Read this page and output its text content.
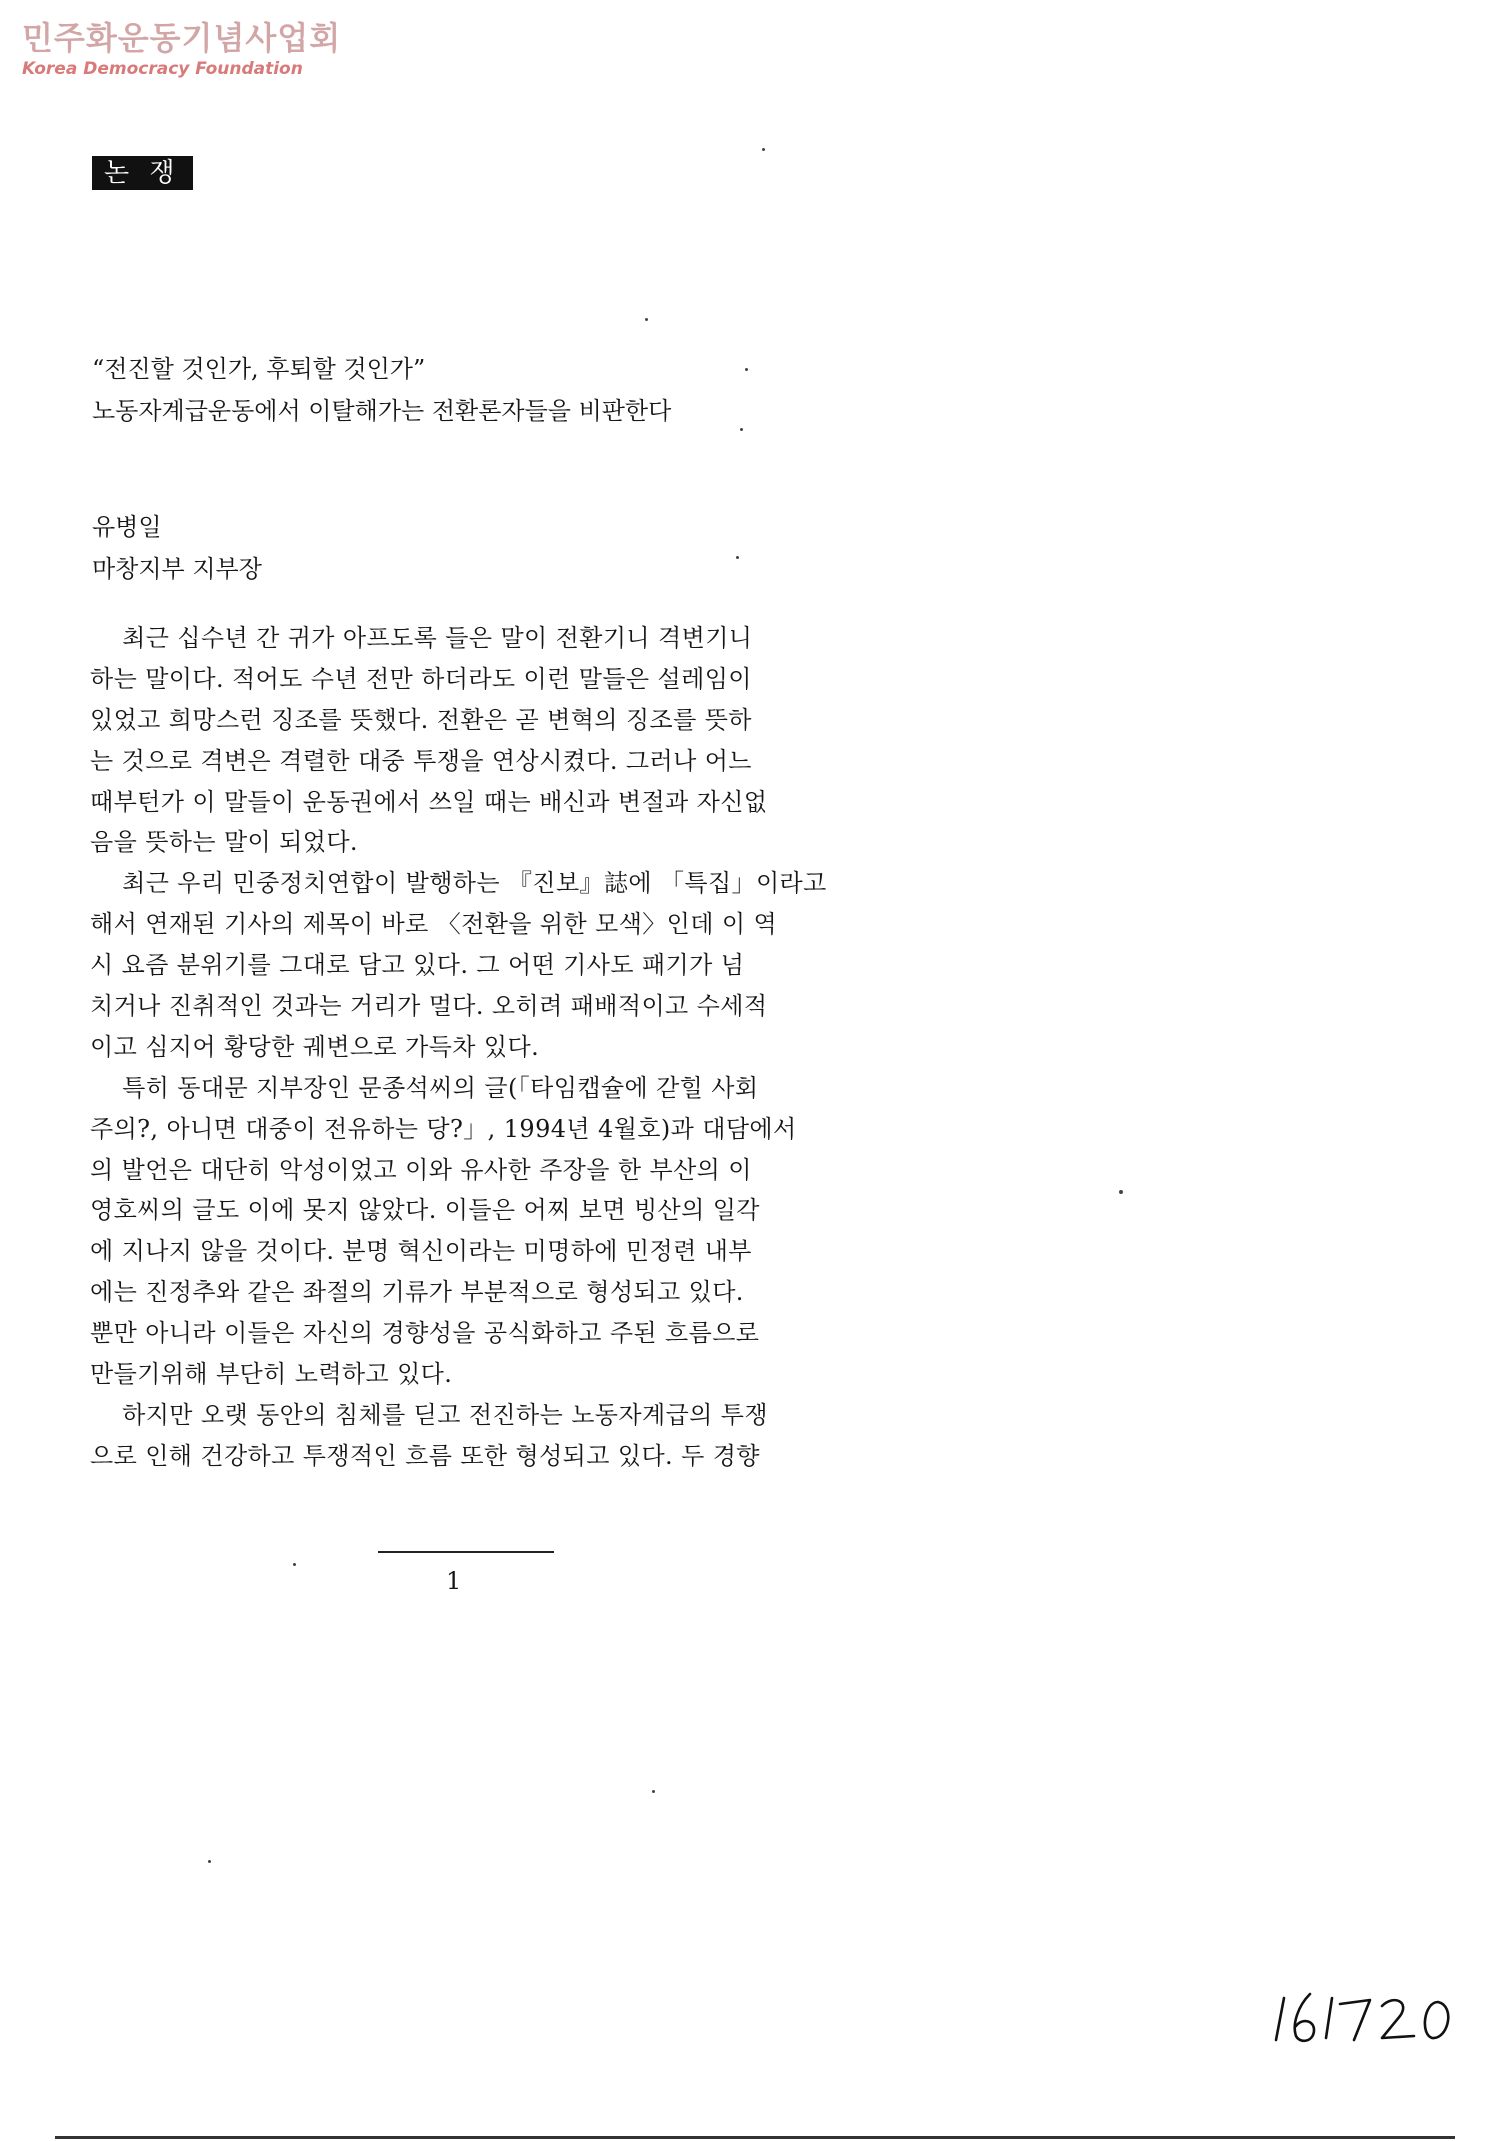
민주화운동기념사업회
Korea Democracy Foundation
논 쟁
“전진할 것인가, 후퇴할 것인가”
노동자계급운동에서 이탈해가는 전환론자들을 비판한다
유병일
마창지부 지부장
최근 십수년 간 귀가 아프도록 들은 말이 전환기니 격변기니
하는 말이다. 적어도 수년 전만 하더라도 이런 말들은 설레임이
있었고 희망스런 징조를 뜻했다. 전환은 곧 변혁의 징조를 뜻하
는 것으로 격변은 격렬한 대중 투쟁을 연상시켰다. 그러나 어느
때부턴가 이 말들이 운동권에서 쓰일 때는 배신과 변절과 자신없
음을 뜻하는 말이 되었다.
최근 우리 민중정치연합이 발행하는 『진보』誌에 「특집」이라고
해서 연재된 기사의 제목이 바로 〈전환을 위한 모색〉인데 이 역
시 요즘 분위기를 그대로 담고 있다. 그 어떤 기사도 패기가 넘
치거나 진취적인 것과는 거리가 멀다. 오히려 패배적이고 수세적
이고 심지어 황당한 궤변으로 가득차 있다.
특히 동대문 지부장인 문종석씨의 글(「타임캡슐에 갇힐 사회
주의?, 아니면 대중이 전유하는 당?」, 1994년 4월호)과 대담에서
의 발언은 대단히 악성이었고 이와 유사한 주장을 한 부산의 이
영호씨의 글도 이에 못지 않았다. 이들은 어찌 보면 빙산의 일각
에 지나지 않을 것이다. 분명 혁신이라는 미명하에 민정련 내부
에는 진정추와 같은 좌절의 기류가 부분적으로 형성되고 있다.
뿐만 아니라 이들은 자신의 경향성을 공식화하고 주된 흐름으로
만들기위해 부단히 노력하고 있다.
하지만 오랫 동안의 침체를 딛고 전진하는 노동자계급의 투쟁
으로 인해 건강하고 투쟁적인 흐름 또한 형성되고 있다. 두 경향
1
